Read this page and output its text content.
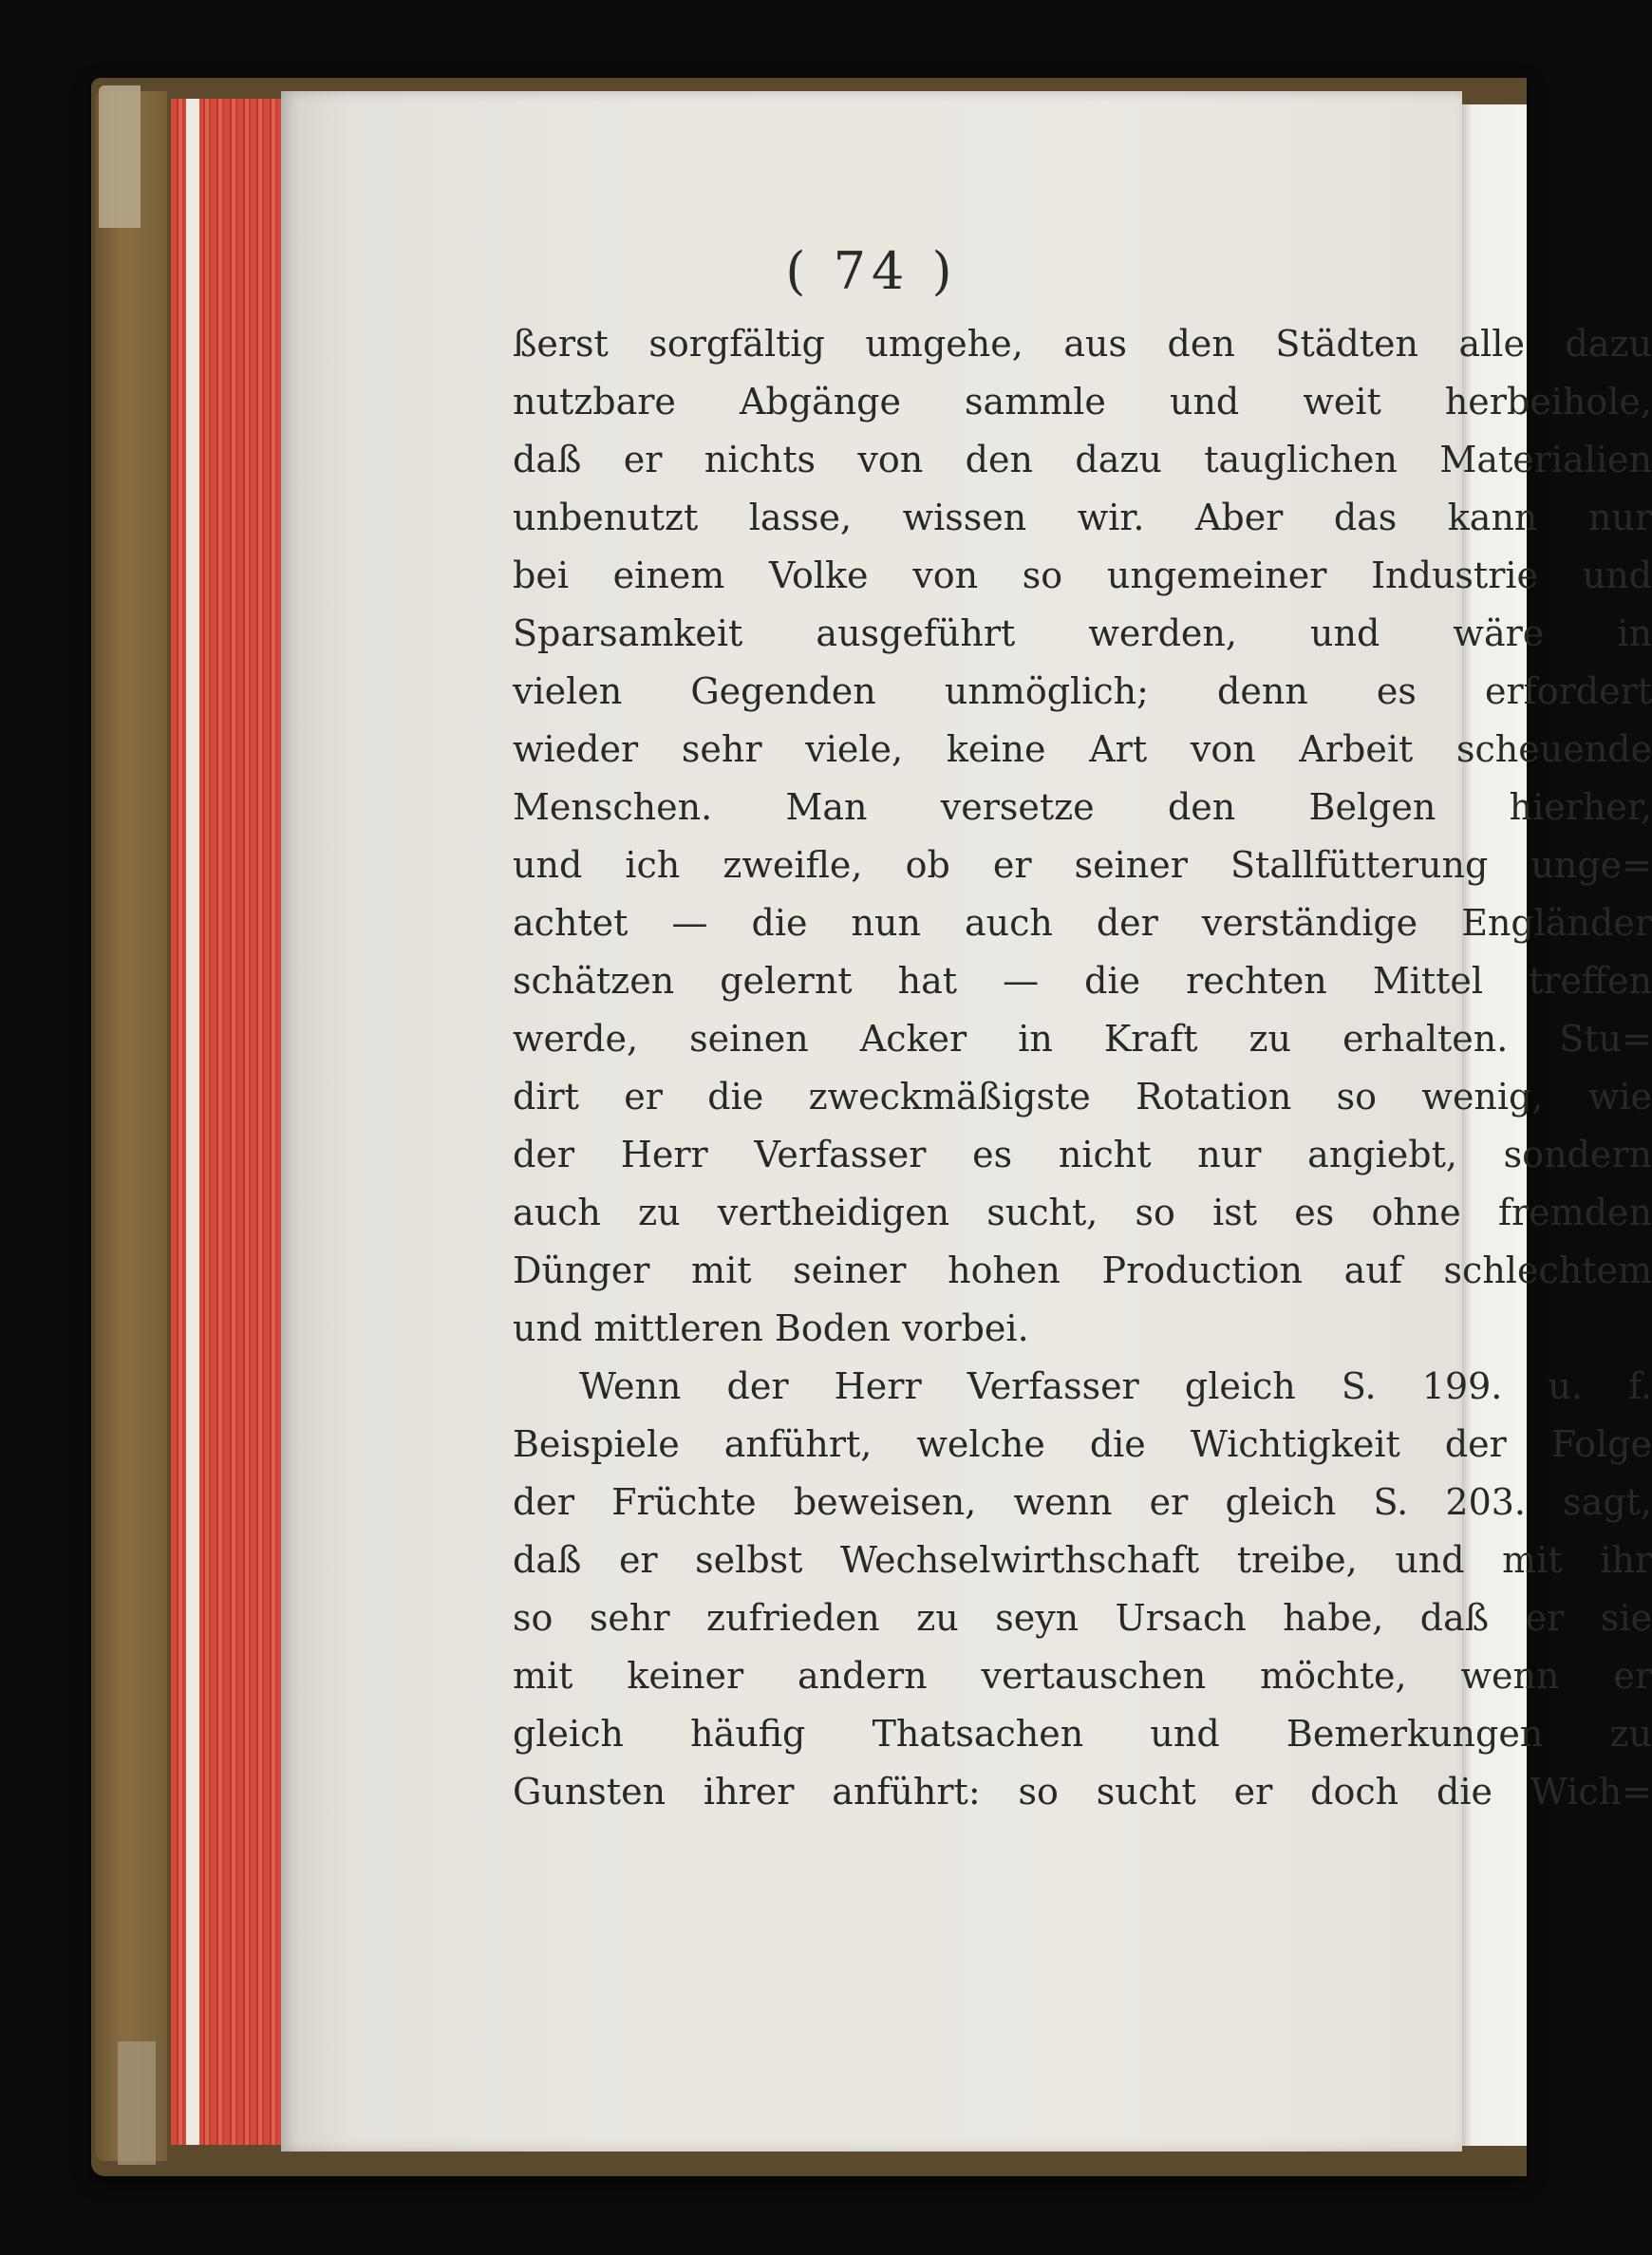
( 74 )
ßerst sorgfältig umgehe, aus den Städten alle dazu
nutzbare Abgänge sammle und weit herbeihole,
daß er nichts von den dazu tauglichen Materialien
unbenutzt lasse, wissen wir. Aber das kann nur
bei einem Volke von so ungemeiner Industrie und
Sparsamkeit ausgeführt werden, und wäre in
vielen Gegenden unmöglich; denn es erfordert
wieder sehr viele, keine Art von Arbeit scheuende
Menschen. Man versetze den Belgen hierher,
und ich zweifle, ob er seiner Stallfütterung unge=
achtet — die nun auch der verständige Engländer
schätzen gelernt hat — die rechten Mittel treffen
werde, seinen Acker in Kraft zu erhalten. Stu=
dirt er die zweckmäßigste Rotation so wenig, wie
der Herr Verfasser es nicht nur angiebt, sondern
auch zu vertheidigen sucht, so ist es ohne fremden
Dünger mit seiner hohen Production auf schlechtem
und mittleren Boden vorbei.
Wenn der Herr Verfasser gleich S. 199. u. f.
Beispiele anführt, welche die Wichtigkeit der Folge
der Früchte beweisen, wenn er gleich S. 203. sagt,
daß er selbst Wechselwirthschaft treibe, und mit ihr
so sehr zufrieden zu seyn Ursach habe, daß er sie
mit keiner andern vertauschen möchte, wenn er
gleich häufig Thatsachen und Bemerkungen zu
Gunsten ihrer anführt: so sucht er doch die Wich=
